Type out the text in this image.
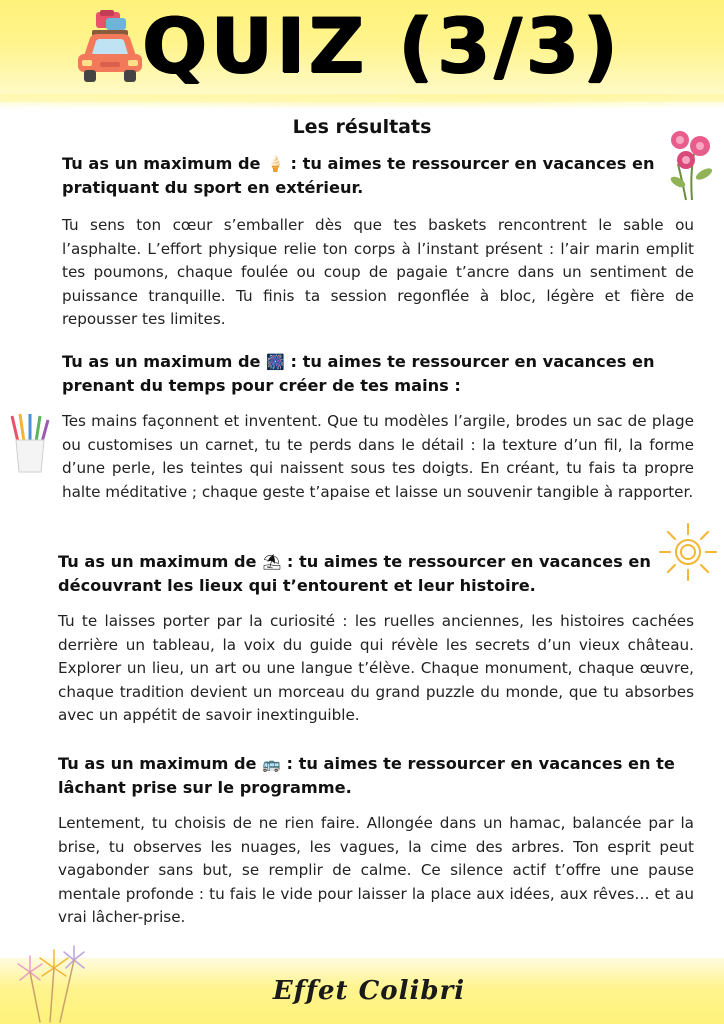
QUIZ (3/3)
Les résultats

Tu as un maximum de 🍦 : tu aimes te ressourcer en vacances en pratiquant du sport en extérieur.

Tu sens ton cœur s’emballer dès que tes baskets rencontrent le sable ou l’asphalte. L’effort physique relie ton corps à l’instant présent : l’air marin emplit tes poumons, chaque foulée ou coup de pagaie t’ancre dans un sentiment de puissance tranquille. Tu finis ta session regonflée à bloc, légère et fière de repousser tes limites.

Tu as un maximum de 🎆 : tu aimes te ressourcer en vacances en prenant du temps pour créer de tes mains :

Tes mains façonnent et inventent. Que tu modèles l’argile, brodes un sac de plage ou customises un carnet, tu te perds dans le détail : la texture d’un fil, la forme d’une perle, les teintes qui naissent sous tes doigts. En créant, tu fais ta propre halte méditative ; chaque geste t’apaise et laisse un souvenir tangible à rapporter.

Tu as un maximum de ⛱ : tu aimes te ressourcer en vacances en découvrant les lieux qui t’entourent et leur histoire.

Tu te laisses porter par la curiosité : les ruelles anciennes, les histoires cachées derrière un tableau, la voix du guide qui révèle les secrets d’un vieux château. Explorer un lieu, un art ou une langue t’élève. Chaque monument, chaque œuvre, chaque tradition devient un morceau du grand puzzle du monde, que tu absorbes avec un appétit de savoir inextinguible.

Tu as un maximum de 🚌 : tu aimes te ressourcer en vacances en te lâchant prise sur le programme.

Lentement, tu choisis de ne rien faire. Allongée dans un hamac, balancée par la brise, tu observes les nuages, les vagues, la cime des arbres. Ton esprit peut vagabonder sans but, se remplir de calme. Ce silence actif t’offre une pause mentale profonde : tu fais le vide pour laisser la place aux idées, aux rêves… et au vrai lâcher-prise.

Effet Colibri
